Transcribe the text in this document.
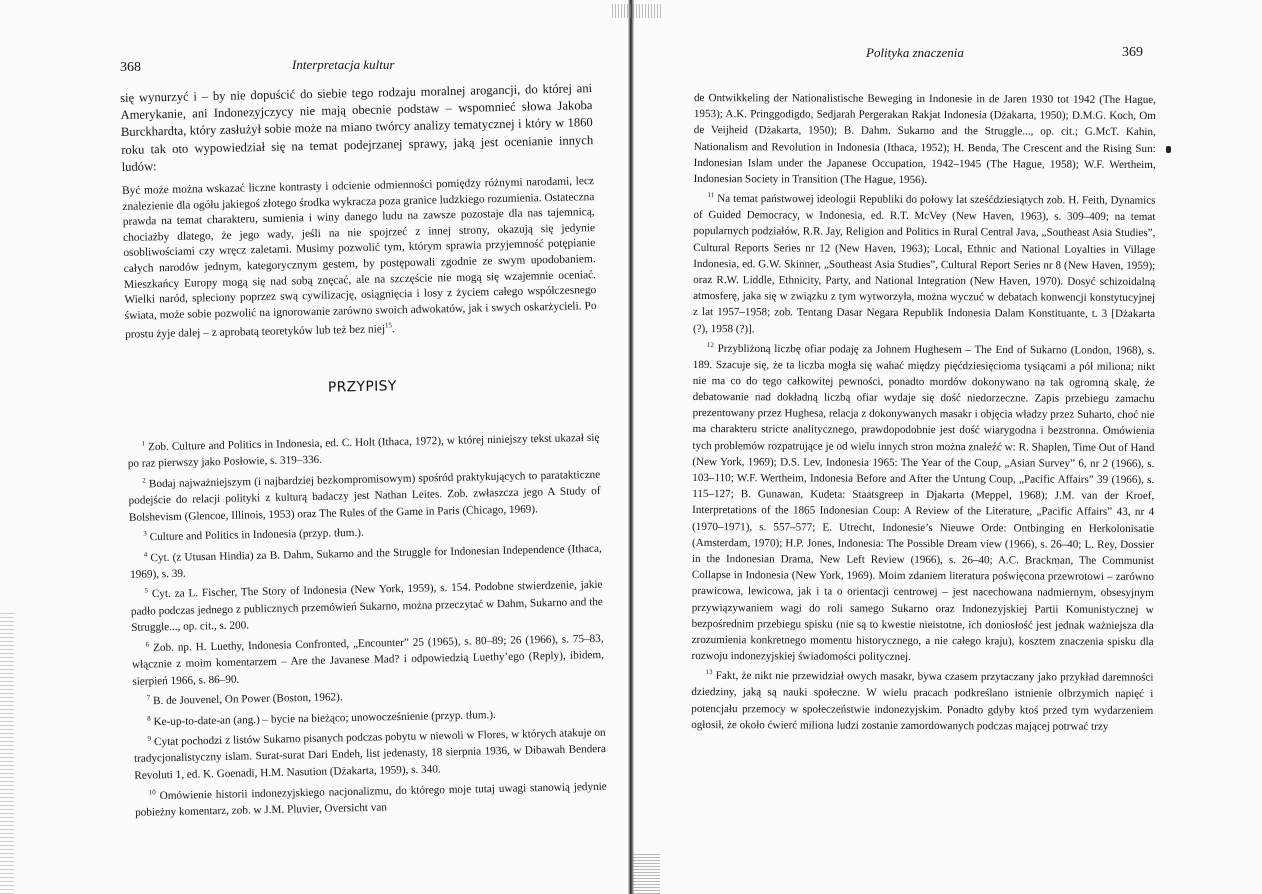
368	Interpretacja kultur

się wynurzyć i – by nie dopuścić do siebie tego rodzaju moralnej arogancji, do której ani Amerykanie, ani Indonezyjczycy nie mają obecnie podstaw – wspomnieć słowa Jakoba Burckhardta, który zasłużył sobie może na miano twórcy analizy tematycznej i który w 1860 roku tak oto wypowiedział się na temat podejrzanej sprawy, jaką jest ocenianie innych ludów:

Być może można wskazać liczne kontrasty i odcienie odmienności pomiędzy różnymi narodami, lecz znalezienie dla ogółu jakiegoś złotego środka wykracza poza granice ludzkiego rozumienia. Ostateczna prawda na temat charakteru, sumienia i winy danego ludu na zawsze pozostaje dla nas tajemnicą, chociażby dlatego, że jego wady, jeśli na nie spojrzeć z innej strony, okazują się jedynie osobliwościami czy wręcz zaletami. Musimy pozwolić tym, którym sprawia przyjemność potępianie całych narodów jednym, kategorycznym gestem, by postępowali zgodnie ze swym upodobaniem. Mieszkańcy Europy mogą się nad sobą znęcać, ale na szczęście nie mogą się wzajemnie oceniać. Wielki naród, spleciony poprzez swą cywilizację, osiągnięcia i losy z życiem całego współczesnego świata, może sobie pozwolić na ignorowanie zarówno swoich adwokatów, jak i swych oskarżycieli. Po prostu żyje dalej – z aprobatą teoretyków lub też bez niej$^{15}$.

PRZYPISY

$^1$ Zob. Culture and Politics in Indonesia, ed. C. Holt (Ithaca, 1972), w której niniejszy tekst ukazał się po raz pierwszy jako Posłowie, s. 319–336.

$^2$ Bodaj najważniejszym (i najbardziej bezkompromisowym) spośród praktykujących to paratakticzne podejście do relacji polityki z kulturą badaczy jest Nathan Leites. Zob. zwłaszcza jego A Study of Bolshevism (Glencoe, Illinois, 1953) oraz The Rules of the Game in Paris (Chicago, 1969).

$^3$ Culture and Politics in Indonesia (przyp. tłum.).

$^4$ Cyt. (z Utusan Hindia) za B. Dahm, Sukarno and the Struggle for Indonesian Independence (Ithaca, 1969), s. 39.

$^5$ Cyt. za L. Fischer, The Story of Indonesia (New York, 1959), s. 154. Podobne stwierdzenie, jakie padło podczas jednego z publicznych przemówień Sukarno, można przeczytać w Dahm, Sukarno and the Struggle..., op. cit., s. 200.

$^6$ Zob. np. H. Luethy, Indonesia Confronted, „Encounter” 25 (1965), s. 80–89; 26 (1966), s. 75–83, włącznie z moim komentarzem – Are the Javanese Mad? i odpowiedzią Luethy’ego (Reply), ibidem, sierpień 1966, s. 86–90.

$^7$ B. de Jouvenel, On Power (Boston, 1962).

$^8$ Ke-up-to-date-an (ang.) – bycie na bieżąco; unowocześnienie (przyp. tłum.).

$^9$ Cytat pochodzi z listów Sukarno pisanych podczas pobytu w niewoli w Flores, w których atakuje on tradycjonalistyczny islam. Surat-surat Dari Endeh, list jedenasty, 18 sierpnia 1936, w Dibawah Bendera Revoluti 1, ed. K. Goenadi, H.M. Nasution (Dżakarta, 1959), s. 340.

$^{10}$ Omówienie historii indonezyjskiego nacjonalizmu, do którego moje tutaj uwagi stanowią jedynie pobieżny komentarz, zob. w J.M. Pluvier, Oversicht van

Polityka znaczenia	369

de Ontwikkeling der Nationalistische Beweging in Indonesie in de Jaren 1930 tot 1942 (The Hague, 1953); A.K. Pringgodigdo, Sedjarah Pergerakan Rakjat Indonesia (Dżakarta, 1950); D.M.G. Koch, Om de Veijheid (Dżakarta, 1950); B. Dahm. Sukarno and the Struggle..., op. cit.; G.McT. Kahin, Nationalism and Revolution in Indonesia (Ithaca, 1952); H. Benda, The Crescent and the Rising Sun: Indonesian Islam under the Japanese Occupation, 1942–1945 (The Hague, 1958); W.F. Wertheim, Indonesian Society in Transition (The Hague, 1956).

$^{11}$ Na temat państwowej ideologii Republiki do połowy lat sześćdziesiątych zob. H. Feith, Dynamics of Guided Democracy, w Indonesia, ed. R.T. McVey (New Haven, 1963), s. 309–409; na temat popularnych podziałów, R.R. Jay, Religion and Politics in Rural Central Java, „Southeast Asia Studies”, Cultural Reports Series nr 12 (New Haven, 1963); Local, Ethnic and National Loyalties in Village Indonesia, ed. G.W. Skinner, „Southeast Asia Studies”, Cultural Report Series nr 8 (New Haven, 1959); oraz R.W. Liddle, Ethnicity, Party, and National Integration (New Haven, 1970). Dosyć schizoidalną atmosferę, jaka się w związku z tym wytworzyła, można wyczuć w debatach konwencji konstytucyjnej z lat 1957–1958; zob. Tentang Dasar Negara Republik Indonesia Dalam Konstituante, t. 3 [Dżakarta (?), 1958 (?)].

$^{12}$ Przybliżoną liczbę ofiar podaję za Johnem Hughesem – The End of Sukarno (London, 1968), s. 189. Szacuje się, że ta liczba mogła się wahać między pięćdziesięcioma tysiącami a pół miliona; nikt nie ma co do tego całkowitej pewności, ponadto mordów dokonywano na tak ogromną skalę, że debatowanie nad dokładną liczbą ofiar wydaje się dość niedorzeczne. Zapis przebiegu zamachu prezentowany przez Hughesa, relacja z dokonywanych masakr i objęcia władzy przez Suharto, choć nie ma charakteru stricte analitycznego, prawdopodobnie jest dość wiarygodna i bezstronna. Omówienia tych problemów rozpatrujące je od wielu innych stron można znaleźć w: R. Shaplen, Time Out of Hand (New York, 1969); D.S. Lev, Indonesia 1965: The Year of the Coup, „Asian Survey” 6, nr 2 (1966), s. 103–110; W.F. Wertheim, Indonesia Before and After the Untung Coup, „Pacific Affairs” 39 (1966), s. 115–127; B. Gunawan, Kudeta: Staatsgreep in Djakarta (Meppel, 1968); J.M. van der Kroef, Interpretations of the 1865 Indonesian Coup: A Review of the Literature, „Pacific Affairs” 43, nr 4 (1970–1971), s. 557–577; E. Utrecht, Indonesie’s Nieuwe Orde: Ontbinging en Herkolonisatie (Amsterdam, 1970); H.P. Jones, Indonesia: The Possible Dream view (1966), s. 26–40; L. Rey, Dossier in the Indonesian Drama, New Left Review (1966), s. 26–40; A.C. Brackman, The Communist Collapse in Indonesia (New York, 1969). Moim zdaniem literatura poświęcona przewrotowi – zarówno prawicowa, lewicowa, jak i ta o orientacji centrowej – jest nacechowana nadmiernym, obsesyjnym przywiązywaniem wagi do roli samego Sukarno oraz Indonezyjskiej Partii Komunistycznej w bezpośrednim przebiegu spisku (nie są to kwestie nieistotne, ich doniosłość jest jednak ważniejsza dla zrozumienia konkretnego momentu historycznego, a nie całego kraju), kosztem znaczenia spisku dla rozwoju indonezyjskiej świadomości politycznej.

$^{13}$ Fakt, że nikt nie przewidział owych masakr, bywa czasem przytaczany jako przykład daremności dziedziny, jaką są nauki społeczne. W wielu pracach podkreślano istnienie olbrzymich napięć i potencjału przemocy w społeczeństwie indonezyjskim. Ponadto gdyby ktoś przed tym wydarzeniem ogłosił, że około ćwierć miliona ludzi zostanie zamordowanych podczas mającej potrwać trzy
